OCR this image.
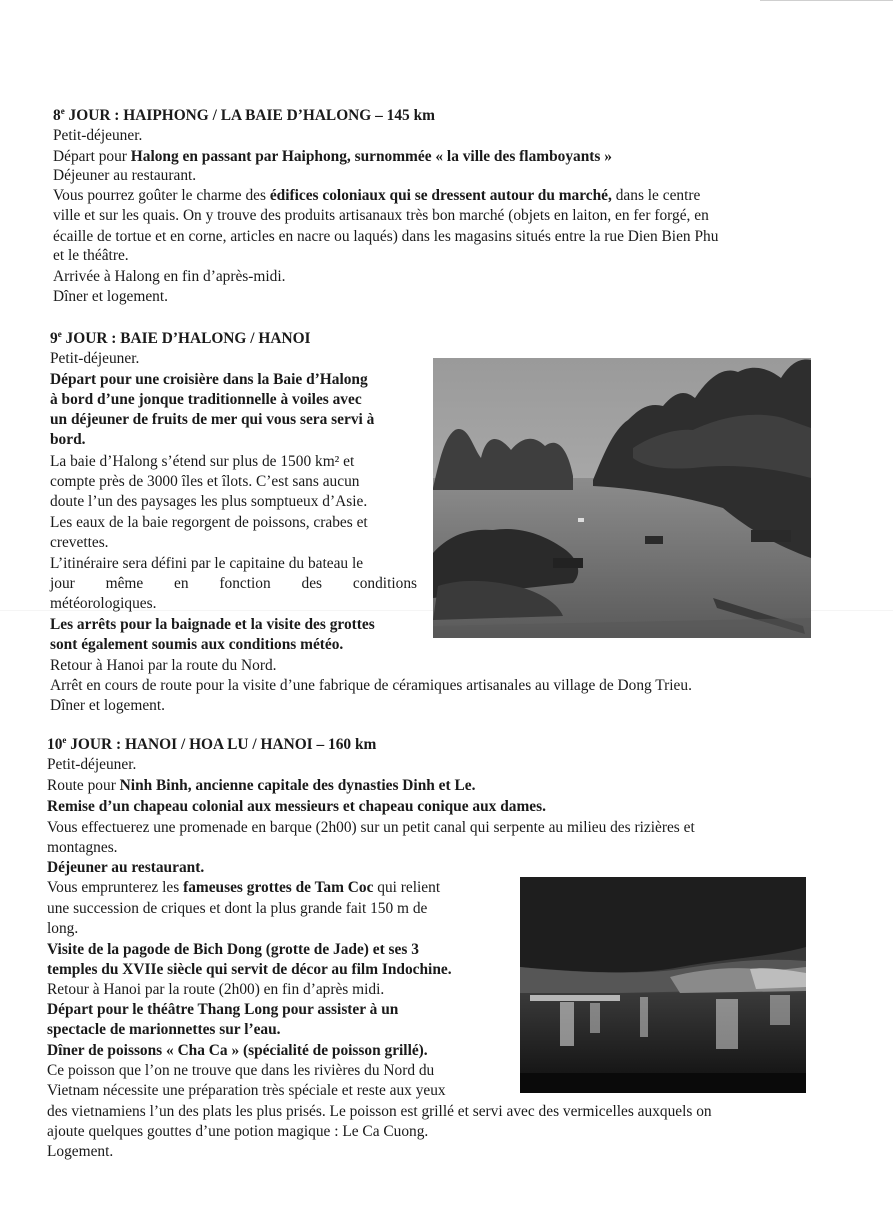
8e JOUR : HAIPHONG / LA BAIE D’HALONG – 145 km
Petit-déjeuner.
Départ pour Halong en passant par Haiphong, surnommée « la ville des flamboyants »
Déjeuner au restaurant.
Vous pourrez goûter le charme des édifices coloniaux qui se dressent autour du marché, dans le centre
ville et sur les quais. On y trouve des produits artisanaux très bon marché (objets en laiton, en fer forgé, en
écaille de tortue et en corne, articles en nacre ou laqués) dans les magasins situés entre la rue Dien Bien Phu
et le théâtre.
Arrivée à Halong en fin d’après-midi.
Dîner et logement.
9e JOUR : BAIE D’HALONG / HANOI
Petit-déjeuner.
Départ pour une croisière dans la Baie d’Halong
à bord d’une jonque traditionnelle à voiles avec
un déjeuner de fruits de mer qui vous sera servi à
bord.
La baie d’Halong s’étend sur plus de 1500 km² et
compte près de 3000 îles et îlots. C’est sans aucun
doute l’un des paysages les plus somptueux d’Asie.
Les eaux de la baie regorgent de poissons, crabes et
crevettes.
L’itinéraire sera défini par le capitaine du bateau le
jour même en fonction des conditions
météorologiques.
Les arrêts pour la baignade et la visite des grottes
sont également soumis aux conditions météo.
Retour à Hanoi par la route du Nord.
Arrêt en cours de route pour la visite d’une fabrique de céramiques artisanales au village de Dong Trieu.
Dîner et logement.
10e JOUR : HANOI / HOA LU / HANOI – 160 km
Petit-déjeuner.
Route pour Ninh Binh, ancienne capitale des dynasties Dinh et Le.
Remise d’un chapeau colonial aux messieurs et chapeau conique aux dames.
Vous effectuerez une promenade en barque (2h00) sur un petit canal qui serpente au milieu des rizières et
montagnes.
Déjeuner au restaurant.
Vous emprunterez les fameuses grottes de Tam Coc qui relient
une succession de criques et dont la plus grande fait 150 m de
long.
Visite de la pagode de Bich Dong (grotte de Jade) et ses 3
temples du XVIIe siècle qui servit de décor au film Indochine.
Retour à Hanoi par la route (2h00) en fin d’après midi.
Départ pour le théâtre Thang Long pour assister à un
spectacle de marionnettes sur l’eau.
Dîner de poissons « Cha Ca » (spécialité de poisson grillé).
Ce poisson que l’on ne trouve que dans les rivières du Nord du
Vietnam nécessite une préparation très spéciale et reste aux yeux
des vietnamiens l’un des plats les plus prisés. Le poisson est grillé et servi avec des vermicelles auxquels on
ajoute quelques gouttes d’une potion magique : Le Ca Cuong.
Logement.
